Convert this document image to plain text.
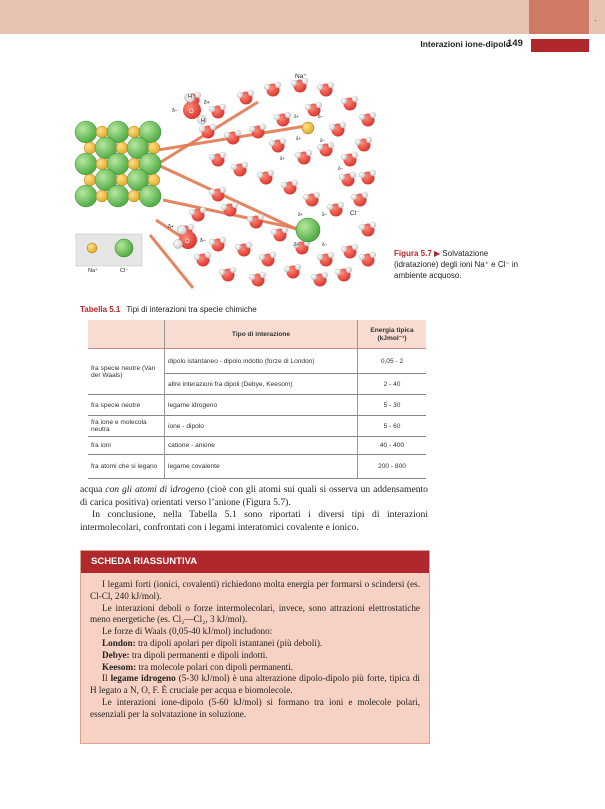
·
Interazioni ione-dipolo
149
Na⁺
Cl⁻
Na⁺	Cl⁻
H
O
H
δ+
δ–
O
δ+
δ–
δ+	δ–
δ+	δ–
δ+	δ–
δ+	δ–
δ+
δ–
Figura 5.7 ▶ Solvatazione (idratazione) degli ioni Na⁺ e Cl⁻ in ambiente acquoso.
Tabella 5.1 Tipi di interazioni tra specie chimiche
	Tipo di interazione	Energia tipica
(kJmol⁻¹)
fra specie neutre (Van der Waals)	dipolo istantaneo - dipolo indotto (forze di London)	0,05 - 2
	altre interazioni fra dipoli (Debye, Keesom)	2 - 40
fra specie neutre	legame idrogeno	5 - 30
fra ione e molecola neutra	ione - dipolo	5 - 60
fra ioni	catione - anione	40 - 400
fra atomi che si legano	legame covalente	200 - 800

acqua con gli atomi di idrogeno (cioè con gli atomi sui quali si osserva un addensamento di carica positiva) orientati verso l’anione (Figura 5.7).

In conclusione, nella Tabella 5.1 sono riportati i diversi tipi di interazioni intermolecolari, confrontati con i legami interatomici covalente e ionico.

SCHEDA RIASSUNTIVA

I legami forti (ionici, covalenti) richiedono molta energia per formarsi o scindersi (es. Cl-Cl, 240 kJ/mol).

Le interazioni deboli o forze intermolecolari, invece, sono attrazioni elettrostatiche meno energetiche (es. Cl₂—Cl₂, 3 kJ/mol).

Le forze di Waals (0,05-40 kJ/mol) includono:

London: tra dipoli apolari per dipoli istantanei (più deboli).

Debye: tra dipoli permanenti e dipoli indotti.

Keesom: tra molecole polari con dipoli permanenti.

Il legame idrogeno (5-30 kJ/mol) è una alterazione dipolo-dipolo più forte, tipica di H legato a N, O, F. È cruciale per acqua e biomolecole.

Le interazioni ione-dipolo (5-60 kJ/mol) si formano tra ioni e molecole polari, essenziali per la solvatazione in soluzione.
